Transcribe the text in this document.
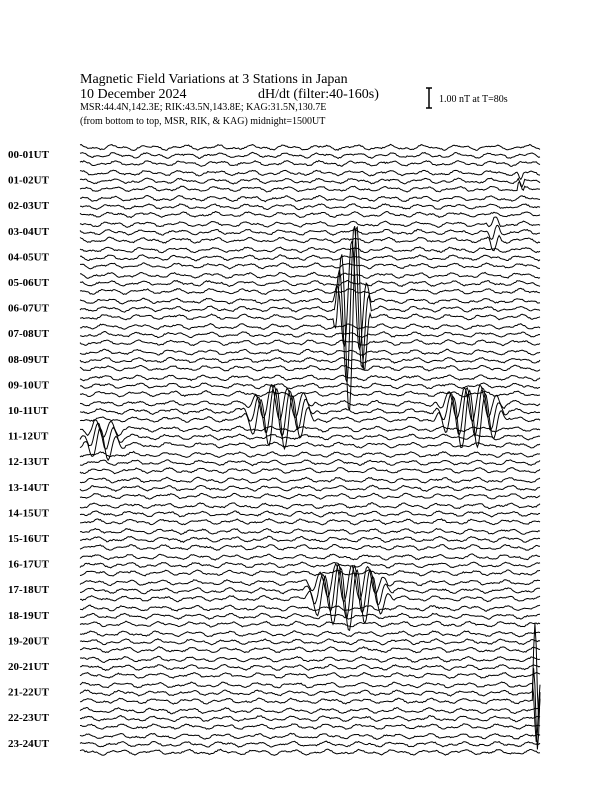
Magnetic Field Variations at 3 Stations in Japan
10 December 2024	dH/dt (filter:40-160s)
MSR:44.4N,142.3E; RIK:43.5N,143.8E; KAG:31.5N,130.7E
(from bottom to top, MSR, RIK, & KAG) midnight=1500UT
1.00 nT at T=80s
00-01UT
01-02UT
02-03UT
03-04UT
04-05UT
05-06UT
06-07UT
07-08UT
08-09UT
09-10UT
10-11UT
11-12UT
12-13UT
13-14UT
14-15UT
15-16UT
16-17UT
17-18UT
18-19UT
19-20UT
20-21UT
21-22UT
22-23UT
23-24UT
